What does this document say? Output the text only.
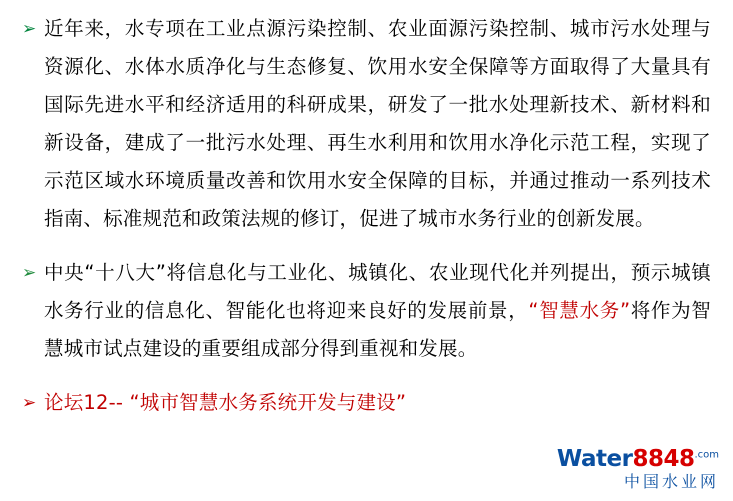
➢ 近年来，水专项在工业点源污染控制、农业面源污染控制、城市污水处理与资源化、水体水质净化与生态修复、饮用水安全保障等方面取得了大量具有国际先进水平和经济适用的科研成果，研发了一批水处理新技术、新材料和新设备，建成了一批污水处理、再生水利用和饮用水净化示范工程，实现了示范区域水环境质量改善和饮用水安全保障的目标，并通过推动一系列技术指南、标准规范和政策法规的修订，促进了城市水务行业的创新发展。
➢ 中央“十八大”将信息化与工业化、城镇化、农业现代化并列提出，预示城镇水务行业的信息化、智能化也将迎来良好的发展前景，“智慧水务”将作为智慧城市试点建设的重要组成部分得到重视和发展。
➢ 论坛12-- “城市智慧水务系统开发与建设”
$Water8848^{.com}$
中国水业网
